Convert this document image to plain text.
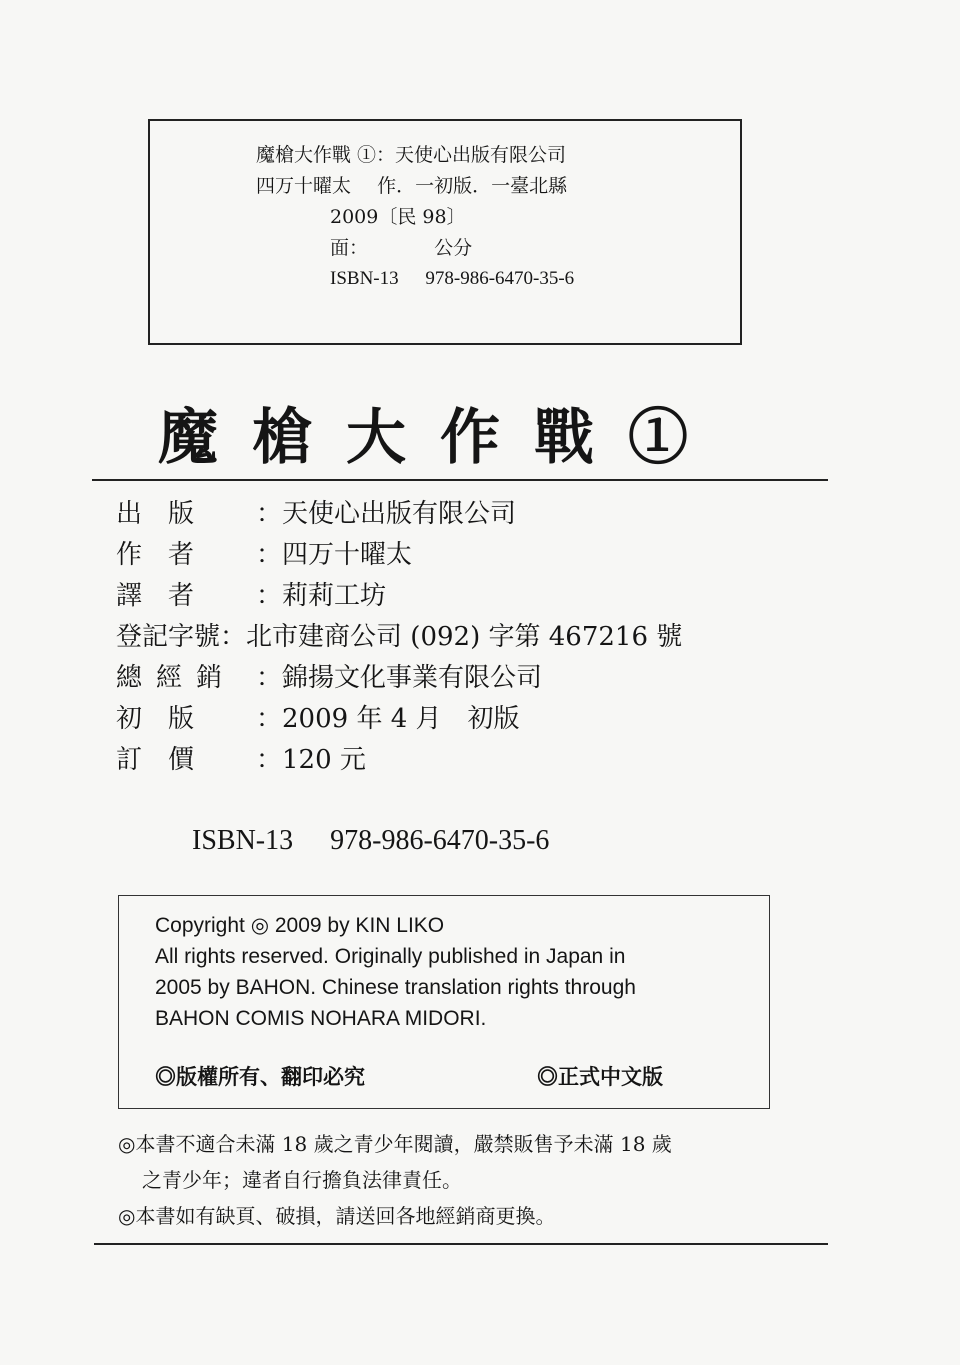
魔槍大作戰 ①：天使心出版有限公司
四万十曜太 作．一初版．一臺北縣
2009〔民 98〕
面：	公分
ISBN-13 978-986-6470-35-6
魔槍大作戰①
出　版 ：天使心出版有限公司
作　者 ：四万十曜太
譯　者 ：莉莉工坊
登記字號：北市建商公司 (092) 字第 467216 號
總經銷 ：錦揚文化事業有限公司
初　版 ：2009 年 4 月　初版
訂　價 ：120 元
ISBN-13 978-986-6470-35-6
Copyright ◎ 2009 by KIN LIKO
All rights reserved. Originally published in Japan in
2005 by BAHON. Chinese translation rights through
BAHON COMIS NOHARA MIDORI.
◎版權所有、翻印必究	◎正式中文版
◎本書不適合未滿 18 歲之青少年閱讀，嚴禁販售予未滿 18 歲
之青少年；違者自行擔負法律責任。
◎本書如有缺頁、破損，請送回各地經銷商更換。
